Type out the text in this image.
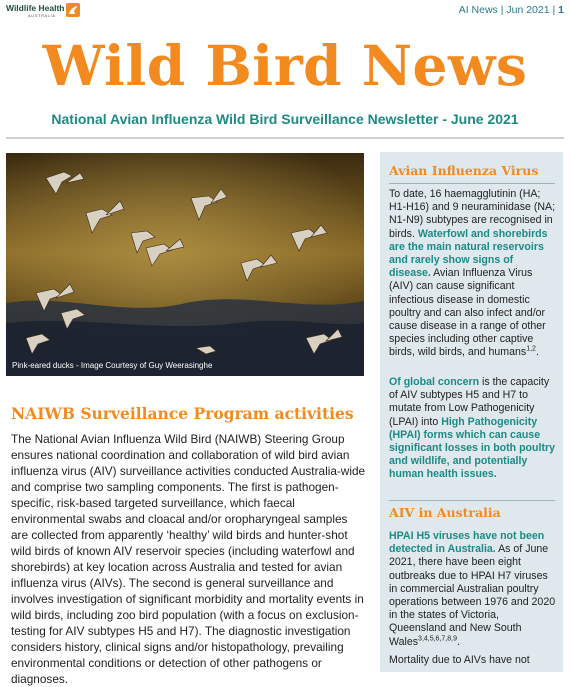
Wildlife Health
AUSTRALIA	AI News | Jun 2021 | 1
Wild Bird News
National Avian Influenza Wild Bird Surveillance Newsletter - June 2021
Pink-eared ducks - Image Courtesy of Guy Weerasinghe
NAIWB Surveillance Program activities
The National Avian Influenza Wild Bird (NAIWB) Steering Group ensures national coordination and collaboration of wild bird avian influenza virus (AIV) surveillance activities conducted Australia-wide and comprise two sampling components. The first is pathogen-specific, risk-based targeted surveillance, which faecal environmental swabs and cloacal and/or oropharyngeal samples are collected from apparently ‘healthy’ wild birds and hunter-shot wild birds of known AIV reservoir species (including waterfowl and shorebirds) at key location across Australia and tested for avian influenza virus (AIVs). The second is general surveillance and involves investigation of significant morbidity and mortality events in wild birds, including zoo bird population (with a focus on exclusion-testing for AIV subtypes H5 and H7). The diagnostic investigation considers history, clinical signs and/or histopathology, prevailing environmental conditions or detection of other pathogens or diagnoses.
Avian Influenza Virus
To date, 16 haemagglutinin (HA; H1-H16) and 9 neuraminidase (NA; N1-N9) subtypes are recognised in birds. Waterfowl and shorebirds are the main natural reservoirs and rarely show signs of disease. Avian Influenza Virus (AIV) can cause significant infectious disease in domestic poultry and can also infect and/or cause disease in a range of other species including other captive birds, wild birds, and humans$^{1,2}$.
Of global concern is the capacity of AIV subtypes H5 and H7 to mutate from Low Pathogenicity (LPAI) into High Pathogenicity (HPAI) forms which can cause significant losses in both poultry and wildlife, and potentially human health issues.
AIV in Australia
HPAI H5 viruses have not been detected in Australia. As of June 2021, there have been eight outbreaks due to HPAI H7 viruses in commercial Australian poultry operations between 1976 and 2020 in the states of Victoria, Queensland and New South Wales$^{3,4,5,6,7,8,9}$.
Mortality due to AIVs have not
